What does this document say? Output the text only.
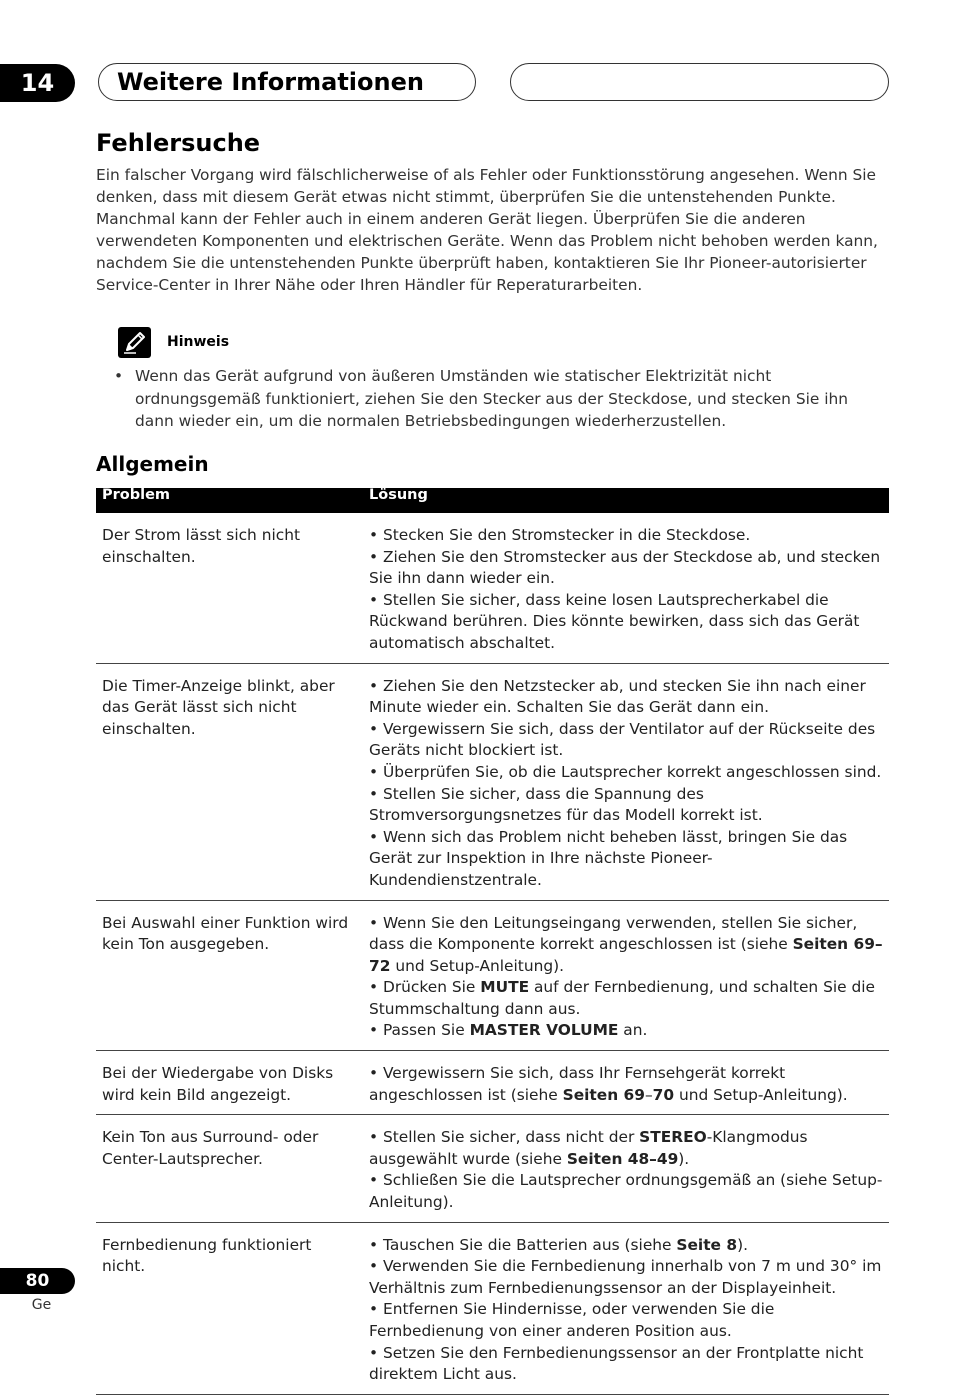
14	Weitere Informationen
Fehlersuche

Ein falscher Vorgang wird fälschlicherweise of als Fehler oder Funktionsstörung angesehen. Wenn Sie denken, dass mit diesem Gerät etwas nicht stimmt, überprüfen Sie die untenstehenden Punkte. Manchmal kann der Fehler auch in einem anderen Gerät liegen. Überprüfen Sie die anderen verwendeten Komponenten und elektrischen Geräte. Wenn das Problem nicht behoben werden kann, nachdem Sie die untenstehenden Punkte überprüft haben, kontaktieren Sie Ihr Pioneer-autorisierter Service-Center in Ihrer Nähe oder Ihren Händler für Reperaturarbeiten.

Hinweis
• Wenn das Gerät aufgrund von äußeren Umständen wie statischer Elektrizität nicht ordnungsgemäß funktioniert, ziehen Sie den Stecker aus der Steckdose, und stecken Sie ihn dann wieder ein, um die normalen Betriebsbedingungen wiederherzustellen.
Allgemein
Problem	Lösung
Der Strom lässt sich nicht einschalten.	• Stecken Sie den Stromstecker in die Steckdose.
• Ziehen Sie den Stromstecker aus der Steckdose ab, und stecken Sie ihn dann wieder ein.
• Stellen Sie sicher, dass keine losen Lautsprecherkabel die Rückwand berühren. Dies könnte bewirken, dass sich das Gerät automatisch abschaltet.

Die Timer-Anzeige blinkt, aber das Gerät lässt sich nicht einschalten.	• Ziehen Sie den Netzstecker ab, und stecken Sie ihn nach einer Minute wieder ein. Schalten Sie das Gerät dann ein.
• Vergewissern Sie sich, dass der Ventilator auf der Rückseite des Geräts nicht blockiert ist.
• Überprüfen Sie, ob die Lautsprecher korrekt angeschlossen sind.
• Stellen Sie sicher, dass die Spannung des Stromversorgungsnetzes für das Modell korrekt ist.
• Wenn sich das Problem nicht beheben lässt, bringen Sie das Gerät zur Inspektion in Ihre nächste Pioneer-Kundendienstzentrale.

Bei Auswahl einer Funktion wird kein Ton ausgegeben.	• Wenn Sie den Leitungseingang verwenden, stellen Sie sicher, dass die Komponente korrekt angeschlossen ist (siehe Seiten 69–72 und Setup-Anleitung).
• Drücken Sie MUTE auf der Fernbedienung, und schalten Sie die Stummschaltung dann aus.
• Passen Sie MASTER VOLUME an.

Bei der Wiedergabe von Disks wird kein Bild angezeigt.	• Vergewissern Sie sich, dass Ihr Fernsehgerät korrekt angeschlossen ist (siehe Seiten 69–70 und Setup-Anleitung).

Kein Ton aus Surround- oder Center-Lautsprecher.	• Stellen Sie sicher, dass nicht der STEREO-Klangmodus ausgewählt wurde (siehe Seiten 48–49).
• Schließen Sie die Lautsprecher ordnungsgemäß an (siehe Setup-Anleitung).

Fernbedienung funktioniert nicht.	• Tauschen Sie die Batterien aus (siehe Seite 8).
• Verwenden Sie die Fernbedienung innerhalb von 7 m und 30° im Verhältnis zum Fernbedienungssensor an der Displayeinheit.
• Entfernen Sie Hindernisse, oder verwenden Sie die Fernbedienung von einer anderen Position aus.
• Setzen Sie den Fernbedienungssensor an der Frontplatte nicht direktem Licht aus.
80
Ge
